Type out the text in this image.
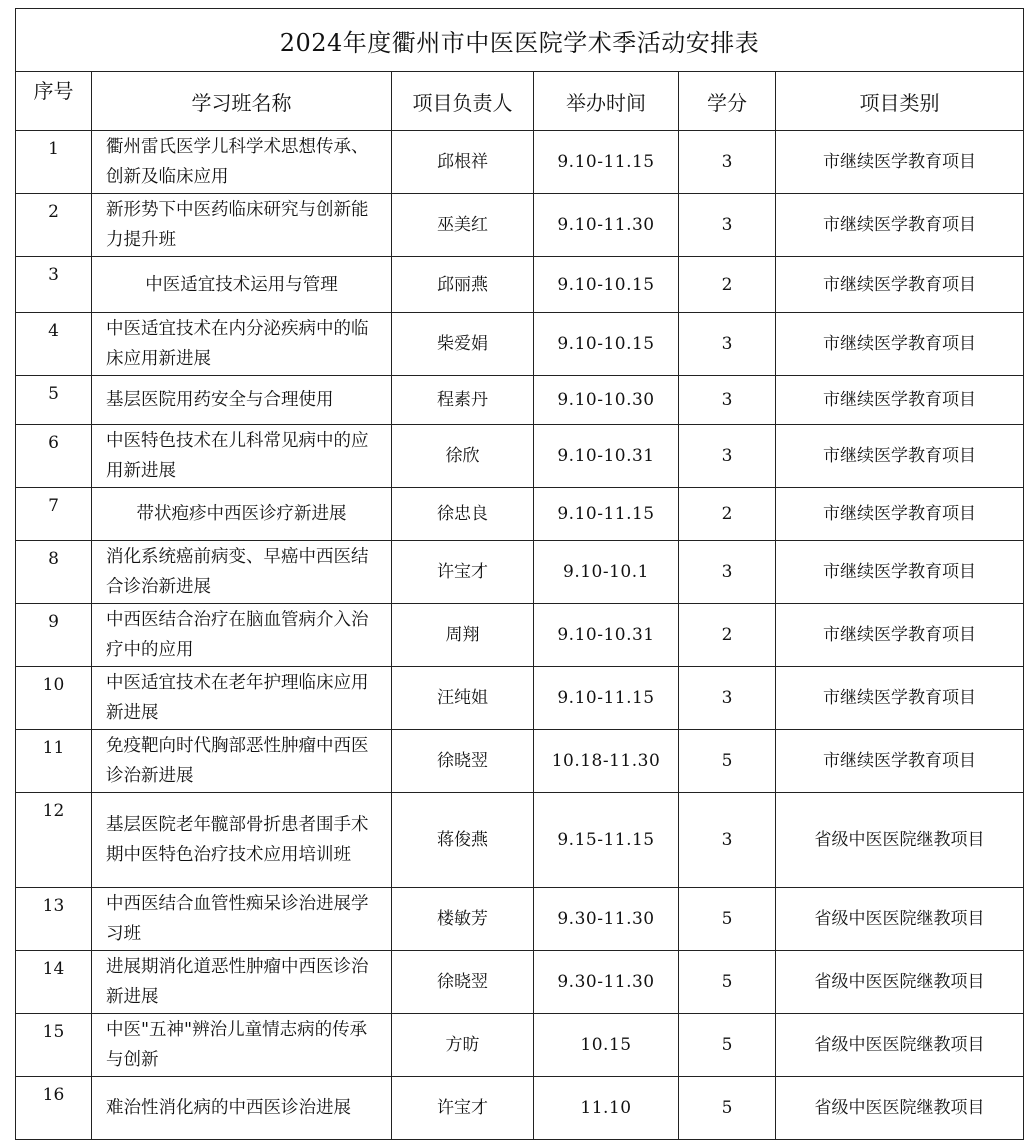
2024年度衢州市中医医院学术季活动安排表					
序号	学习班名称	项目负责人	举办时间	学分	项目类别
1	衢州雷氏医学儿科学术思想传承、创新及临床应用	邱根祥	9.10-11.15	3	市继续医学教育项目
2	新形势下中医药临床研究与创新能力提升班	巫美红	9.10-11.30	3	市继续医学教育项目
3	中医适宜技术运用与管理	邱丽燕	9.10-10.15	2	市继续医学教育项目
4	中医适宜技术在内分泌疾病中的临床应用新进展	柴爱娟	9.10-10.15	3	市继续医学教育项目
5	基层医院用药安全与合理使用	程素丹	9.10-10.30	3	市继续医学教育项目
6	中医特色技术在儿科常见病中的应用新进展	徐欣	9.10-10.31	3	市继续医学教育项目
7	带状疱疹中西医诊疗新进展	徐忠良	9.10-11.15	2	市继续医学教育项目
8	消化系统癌前病变、早癌中西医结合诊治新进展	许宝才	9.10-10.1	3	市继续医学教育项目
9	中西医结合治疗在脑血管病介入治疗中的应用	周翔	9.10-10.31	2	市继续医学教育项目
10	中医适宜技术在老年护理临床应用新进展	汪纯姐	9.10-11.15	3	市继续医学教育项目
11	免疫靶向时代胸部恶性肿瘤中西医诊治新进展	徐晓翌	10.18-11.30	5	市继续医学教育项目
12	基层医院老年髋部骨折患者围手术期中医特色治疗技术应用培训班	蒋俊燕	9.15-11.15	3	省级中医医院继教项目
13	中西医结合血管性痴呆诊治进展学习班	楼敏芳	9.30-11.30	5	省级中医医院继教项目
14	进展期消化道恶性肿瘤中西医诊治新进展	徐晓翌	9.30-11.30	5	省级中医医院继教项目
15	中医"五神"辨治儿童情志病的传承与创新	方昉	10.15	5	省级中医医院继教项目
16	难治性消化病的中西医诊治进展	许宝才	11.10	5	省级中医医院继教项目
